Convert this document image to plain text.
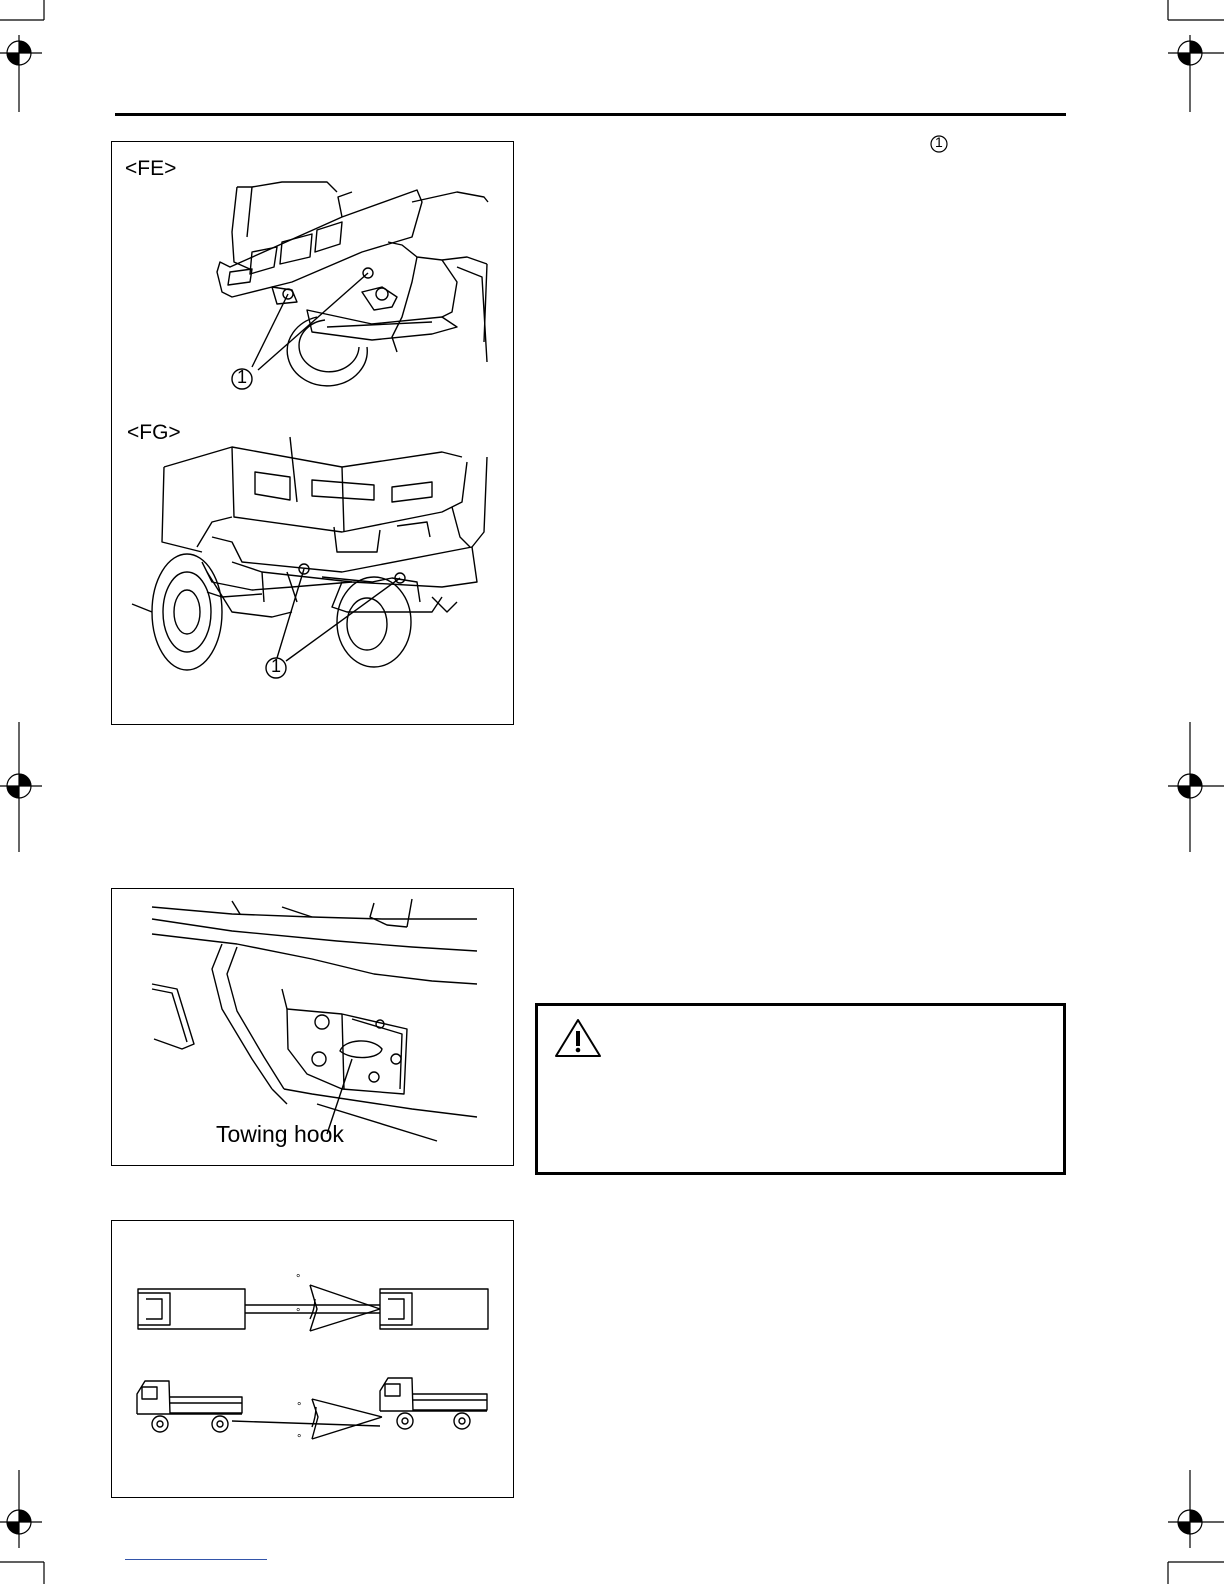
1
<FE>
<FG>
1
1
Towing hook
°
°
°
°
